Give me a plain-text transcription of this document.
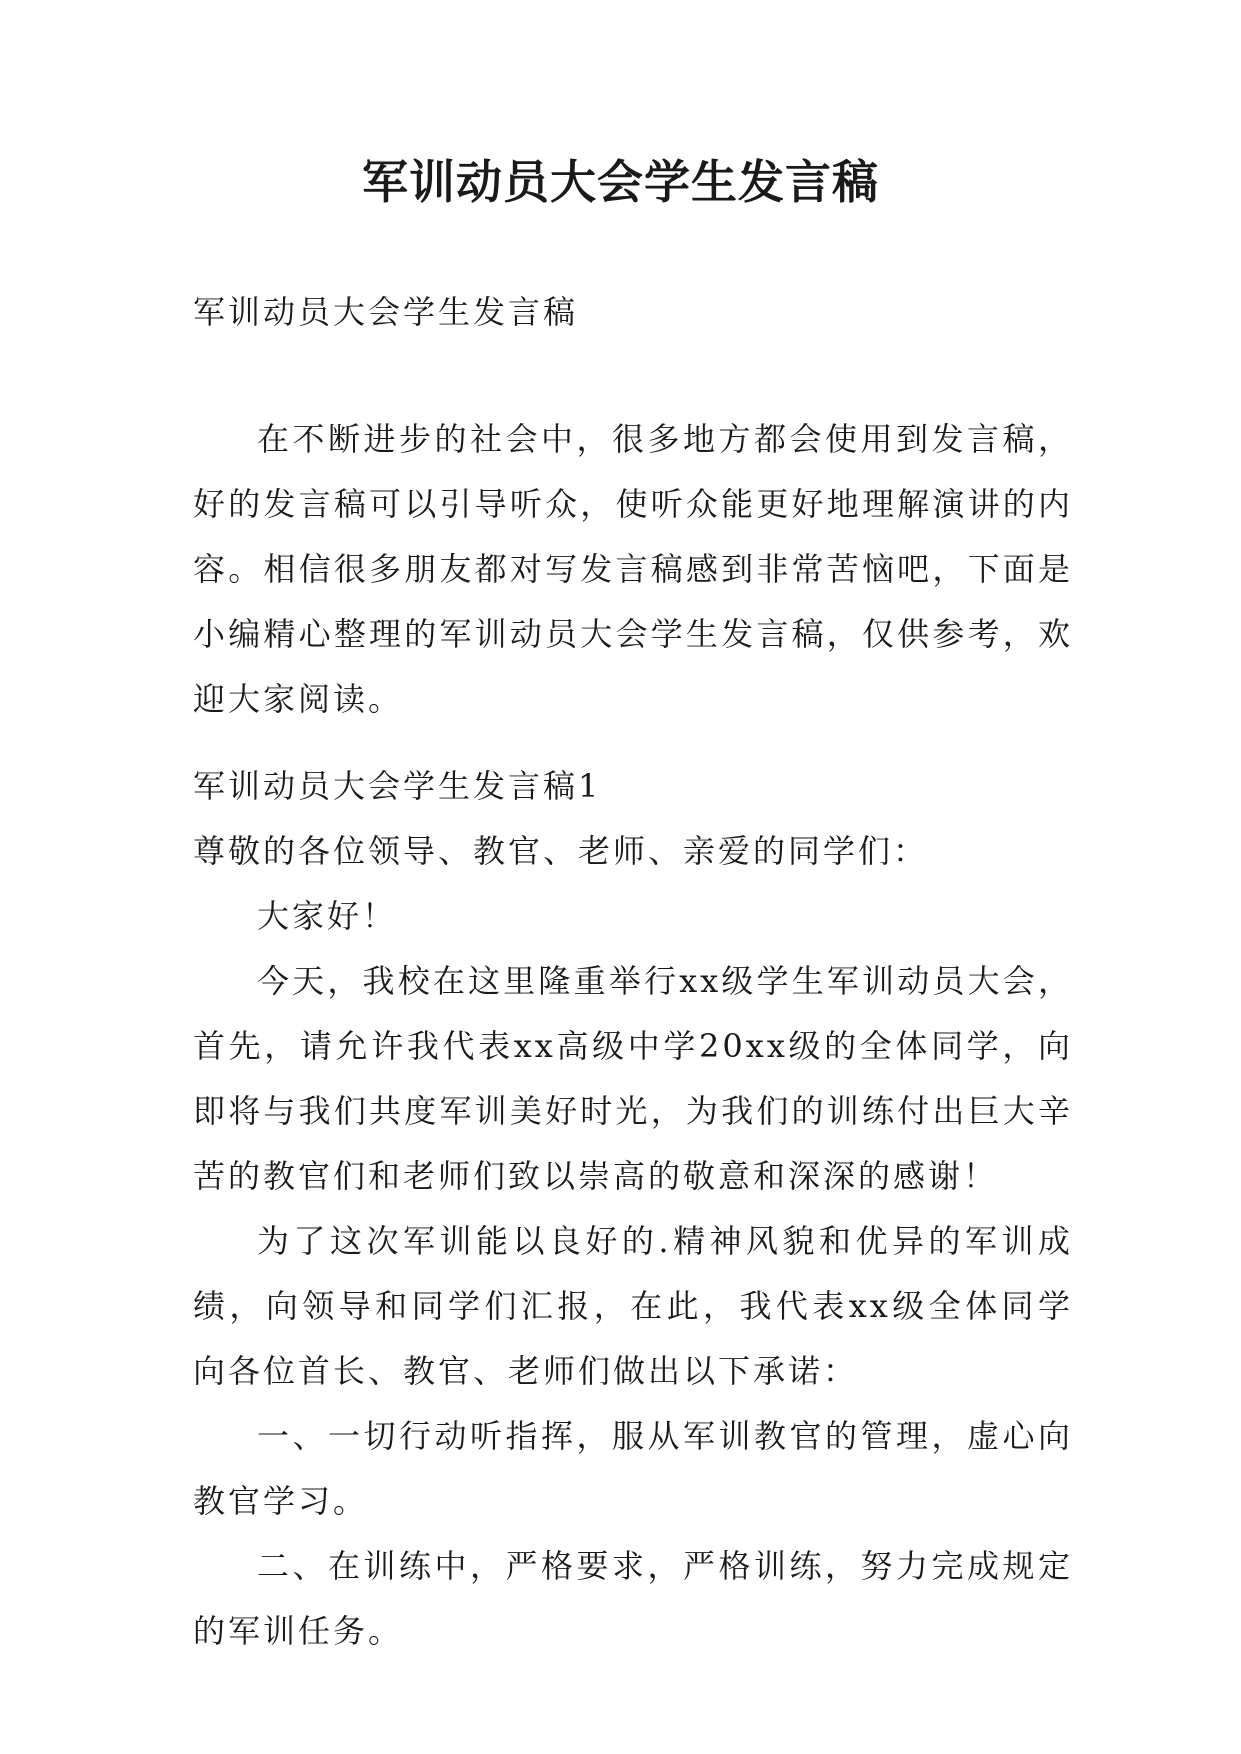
军训动员大会学生发言稿

军训动员大会学生发言稿

在不断进步的社会中，很多地方都会使用到发言稿，好的发言稿可以引导听众，使听众能更好地理解演讲的内容。相信很多朋友都对写发言稿感到非常苦恼吧，下面是小编精心整理的军训动员大会学生发言稿，仅供参考，欢迎大家阅读。

军训动员大会学生发言稿1

尊敬的各位领导、教官、老师、亲爱的同学们：

大家好！

今天，我校在这里隆重举行xx级学生军训动员大会，首先，请允许我代表xx高级中学20xx级的全体同学，向即将与我们共度军训美好时光，为我们的训练付出巨大辛苦的教官们和老师们致以崇高的敬意和深深的感谢！

为了这次军训能以良好的.精神风貌和优异的军训成绩，向领导和同学们汇报，在此，我代表xx级全体同学向各位首长、教官、老师们做出以下承诺：

一、一切行动听指挥，服从军训教官的管理，虚心向教官学习。

二、在训练中，严格要求，严格训练，努力完成规定的军训任务。
